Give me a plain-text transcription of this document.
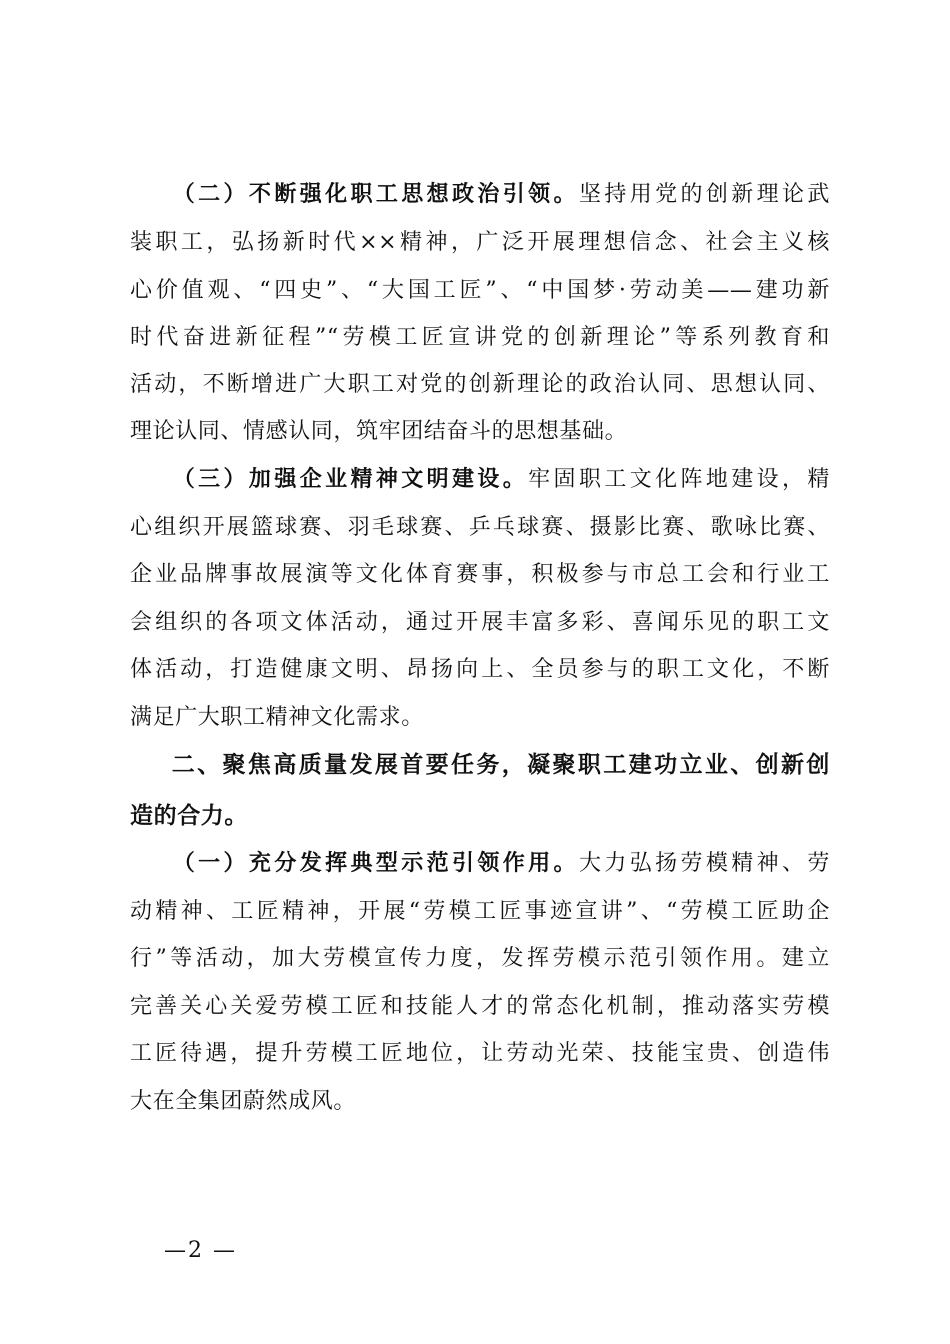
（二）不断强化职工思想政治引领。坚持用党的创新理论武
装职工，弘扬新时代××精神，广泛开展理想信念、社会主义核
心价值观、“四史”、“大国工匠”、“中国梦·劳动美——建功新
时代奋进新征程”“劳模工匠宣讲党的创新理论”等系列教育和
活动，不断增进广大职工对党的创新理论的政治认同、思想认同、
理论认同、情感认同，筑牢团结奋斗的思想基础。
（三）加强企业精神文明建设。牢固职工文化阵地建设，精
心组织开展篮球赛、羽毛球赛、乒乓球赛、摄影比赛、歌咏比赛、
企业品牌事故展演等文化体育赛事，积极参与市总工会和行业工
会组织的各项文体活动，通过开展丰富多彩、喜闻乐见的职工文
体活动，打造健康文明、昂扬向上、全员参与的职工文化，不断
满足广大职工精神文化需求。
二、聚焦高质量发展首要任务，凝聚职工建功立业、创新创
造的合力。
（一）充分发挥典型示范引领作用。大力弘扬劳模精神、劳
动精神、工匠精神，开展“劳模工匠事迹宣讲”、“劳模工匠助企
行”等活动，加大劳模宣传力度，发挥劳模示范引领作用。建立
完善关心关爱劳模工匠和技能人才的常态化机制，推动落实劳模
工匠待遇，提升劳模工匠地位，让劳动光荣、技能宝贵、创造伟
大在全集团蔚然成风。
—2 —
